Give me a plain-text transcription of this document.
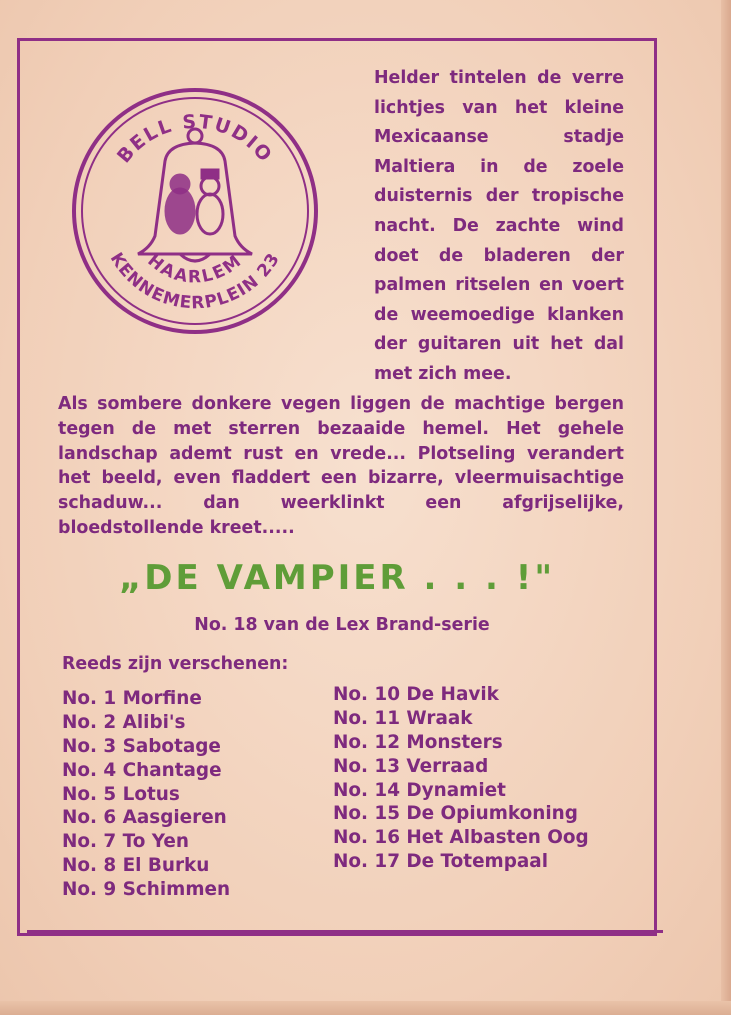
BELL STUDIO
KENNEMERPLEIN 23
HAARLEM

Helder tintelen de verre lichtjes van het kleine Mexicaanse stadje Maltiera in de zoele duisternis der tropische nacht. De zachte wind doet de bladeren der palmen ritselen en voert de weemoedige klanken der guitaren uit het dal met zich mee.

Als sombere donkere vegen liggen de machtige bergen tegen de met sterren bezaaide hemel. Het gehele landschap ademt rust en vrede... Plotseling verandert het beeld, even fladdert een bizarre, vleermuisachtige schaduw... dan weerklinkt een afgrijselijke, bloedstollende kreet.....

„DE VAMPIER . . . !"

No. 18 van de Lex Brand-serie

Reeds zijn verschenen:

No. 1 Morfine
No. 2 Alibi's
No. 3 Sabotage
No. 4 Chantage
No. 5 Lotus
No. 6 Aasgieren
No. 7 To Yen
No. 8 El Burku
No. 9 Schimmen
No. 10 De Havik
No. 11 Wraak
No. 12 Monsters
No. 13 Verraad
No. 14 Dynamiet
No. 15 De Opiumkoning
No. 16 Het Albasten Oog
No. 17 De Totempaal
